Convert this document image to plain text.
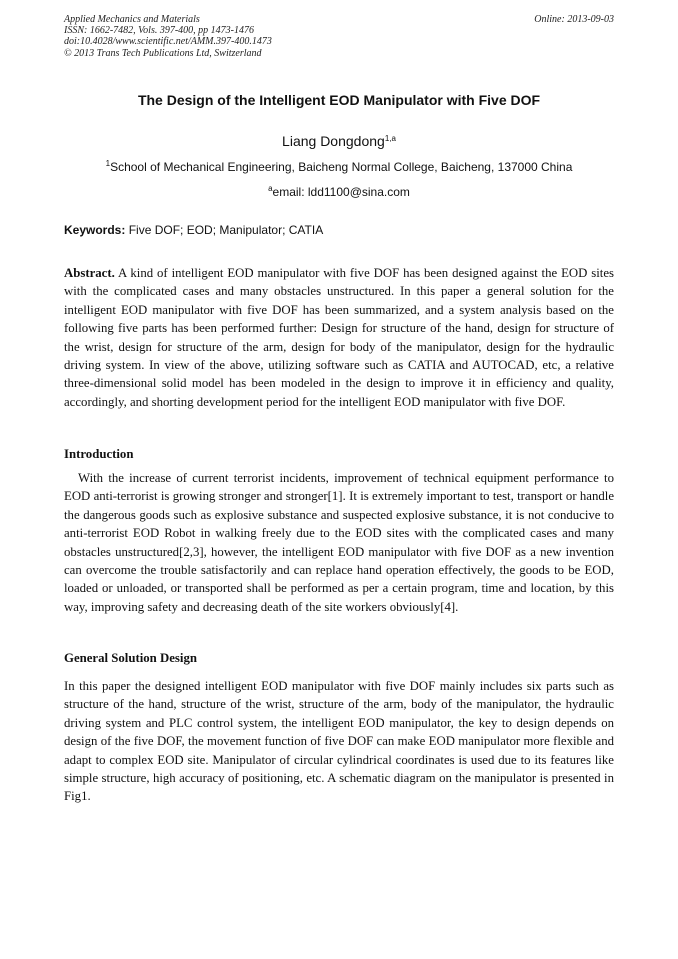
Applied Mechanics and Materials
ISSN: 1662-7482, Vols. 397-400, pp 1473-1476
doi:10.4028/www.scientific.net/AMM.397-400.1473
© 2013 Trans Tech Publications Ltd, Switzerland
Online: 2013-09-03
The Design of the Intelligent EOD Manipulator with Five DOF
Liang Dongdong$^{1,a}$
$^1$School of Mechanical Engineering, Baicheng Normal College, Baicheng, 137000 China
$^a$email: ldd1100@sina.com
Keywords: Five DOF; EOD; Manipulator; CATIA

Abstract. A kind of intelligent EOD manipulator with five DOF has been designed against the EOD sites with the complicated cases and many obstacles unstructured. In this paper a general solution for the intelligent EOD manipulator with five DOF has been summarized, and a system analysis based on the following five parts has been performed further: Design for structure of the hand, design for structure of the wrist, design for structure of the arm, design for body of the manipulator, design for the hydraulic driving system. In view of the above, utilizing software such as CATIA and AUTOCAD, etc, a relative three-dimensional solid model has been modeled in the design to improve it in efficiency and quality, accordingly, and shorting development period for the intelligent EOD manipulator with five DOF.

Introduction

With the increase of current terrorist incidents, improvement of technical equipment performance to EOD anti-terrorist is growing stronger and stronger[1]. It is extremely important to test, transport or handle the dangerous goods such as explosive substance and suspected explosive substance, it is not conducive to anti-terrorist EOD Robot in walking freely due to the EOD sites with the complicated cases and many obstacles unstructured[2,3], however, the intelligent EOD manipulator with five DOF as a new invention can overcome the trouble satisfactorily and can replace hand operation effectively, the goods to be EOD, loaded or unloaded, or transported shall be performed as per a certain program, time and location, by this way, improving safety and decreasing death of the site workers obviously[4].

General Solution Design

In this paper the designed intelligent EOD manipulator with five DOF mainly includes six parts such as structure of the hand, structure of the wrist, structure of the arm, body of the manipulator, the hydraulic driving system and PLC control system, the intelligent EOD manipulator, the key to design depends on design of the five DOF, the movement function of five DOF can make EOD manipulator more flexible and adapt to complex EOD site. Manipulator of circular cylindrical coordinates is used due to its features like simple structure, high accuracy of positioning, etc. A schematic diagram on the manipulator is presented in Fig1.
